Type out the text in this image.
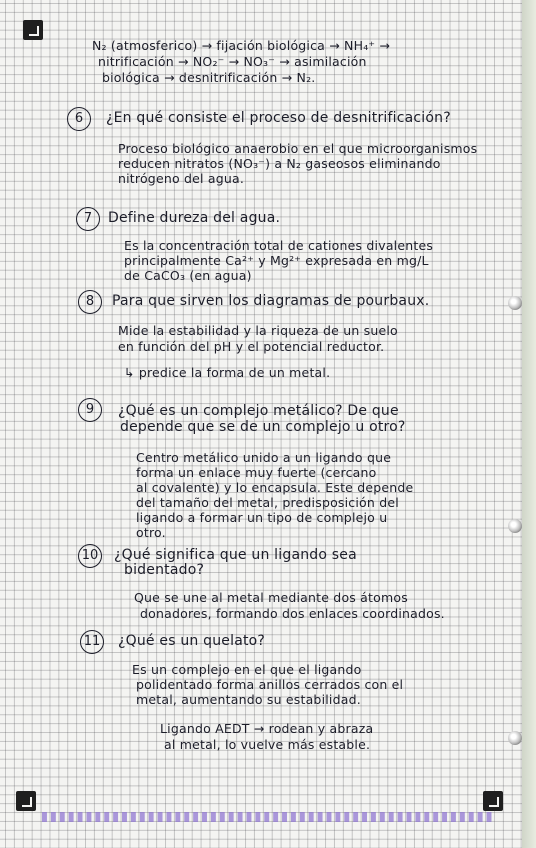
N₂ (atmosferico) → fijación biológica → NH₄⁺ →

nitrificación → NO₂⁻ → NO₃⁻ → asimilación

biológica → desnitrificación → N₂.

6	¿En qué consiste el proceso de desnitrificación?

Proceso biológico anaerobio en el que microorganismos

reducen nitratos (NO₃⁻) a N₂ gaseosos eliminando

nitrógeno del agua.

7	Define dureza del agua.

Es la concentración total de cationes divalentes

principalmente Ca²⁺ y Mg²⁺ expresada en mg/L

de CaCO₃ (en agua)

8	Para que sirven los diagramas de pourbaux.

Mide la estabilidad y la riqueza de un suelo

en función del pH y el potencial reductor.

↳ predice la forma de un metal.

9	¿Qué es un complejo metálico? De que

depende que se de un complejo u otro?

Centro metálico unido a un ligando que

forma un enlace muy fuerte (cercano

al covalente) y lo encapsula. Este depende

del tamaño del metal, predisposición del

ligando a formar un tipo de complejo u

otro.

10 ¿Qué significa que un ligando sea

bidentado?

Que se une al metal mediante dos átomos

donadores, formando dos enlaces coordinados.

11 ¿Qué es un quelato?

Es un complejo en el que el ligando

polidentado forma anillos cerrados con el

metal, aumentando su estabilidad.

Ligando AEDT → rodean y abraza

al metal, lo vuelve más estable.
